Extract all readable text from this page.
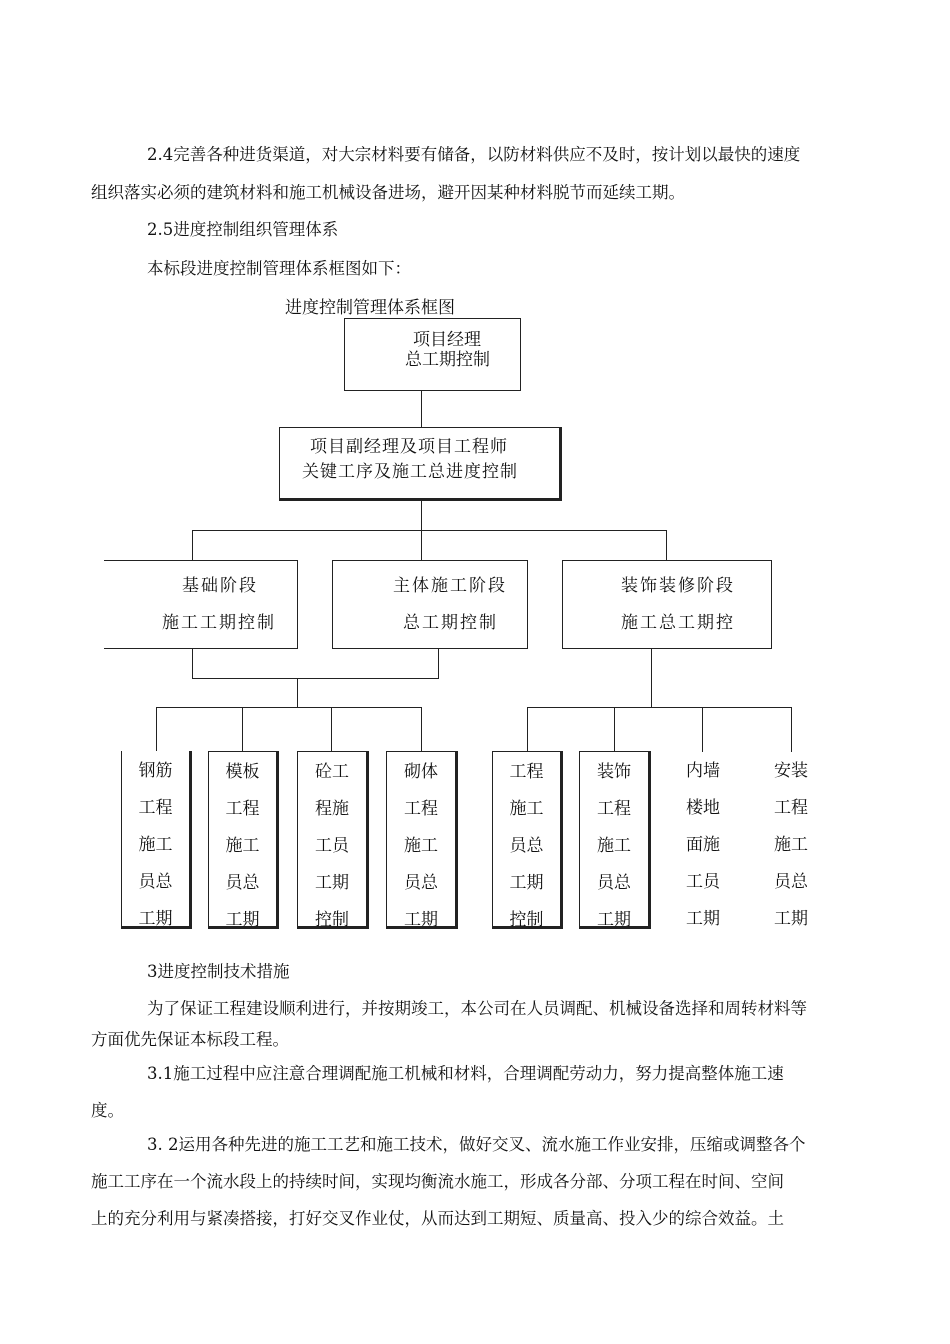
2.4完善各种进货渠道，对大宗材料要有储备，以防材料供应不及时，按计划以最快的速度
组织落实必须的建筑材料和施工机械设备进场，避开因某种材料脱节而延续工期。
2.5进度控制组织管理体系
本标段进度控制管理体系框图如下：
进度控制管理体系框图
项目经理
总工期控制
项目副经理及项目工程师
关键工序及施工总进度控制
基础阶段
施工工期控制
主体施工阶段
总工期控制
装饰装修阶段
施工总工期控
钢筋
工程
施工
员总
工期
模板
工程
施工
员总
工期
砼工
程施
工员
工期
控制
砌体
工程
施工
员总
工期
工程
施工
员总
工期
控制
装饰
工程
施工
员总
工期
内墙
楼地
面施
工员
工期
安装
工程
施工
员总
工期
3进度控制技术措施
为了保证工程建设顺利进行，并按期竣工，本公司在人员调配、机械设备选择和周转材料等
方面优先保证本标段工程。
3.1施工过程中应注意合理调配施工机械和材料，合理调配劳动力，努力提高整体施工速
度。
3. 2运用各种先进的施工工艺和施工技术，做好交叉、流水施工作业安排，压缩或调整各个
施工工序在一个流水段上的持续时间，实现均衡流水施工，形成各分部、分项工程在时间、空间
上的充分利用与紧凑搭接，打好交叉作业仗，从而达到工期短、质量高、投入少的综合效益。土
